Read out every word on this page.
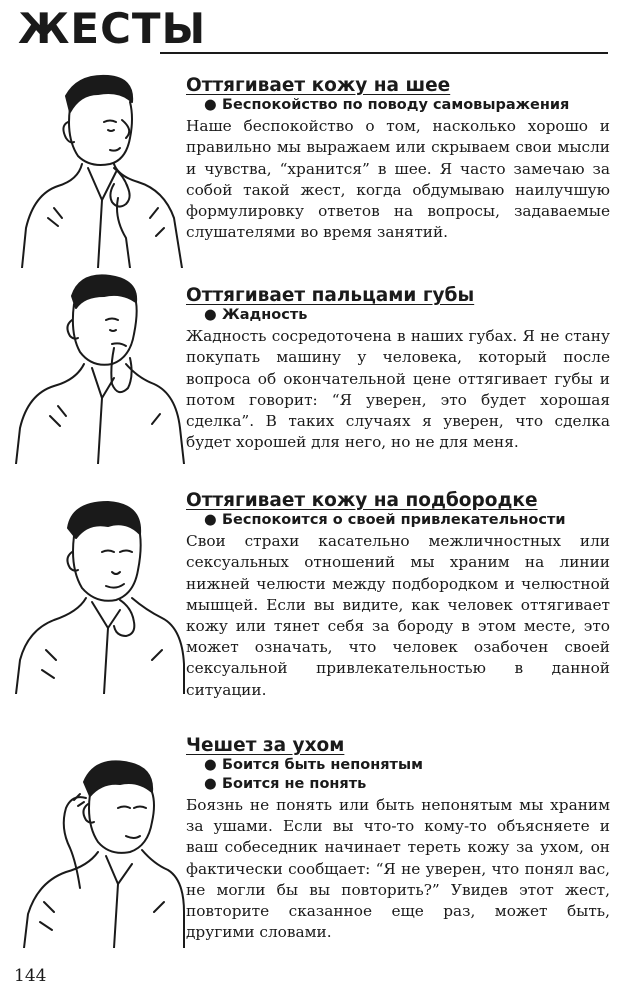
ЖЕСТЫ
Оттягивает кожу на шее
● Беспокойство по поводу самовыражения
Наше беспокойство о том, насколько хорошо и правильно мы выражаем или скрываем свои мысли и чувства, “хранится” в шее. Я часто замечаю за собой такой жест, когда обдумываю наилучшую формулировку ответов на вопросы, задаваемые слушателями во время занятий.
Оттягивает пальцами губы
● Жадность
Жадность сосредоточена в наших губах. Я не стану покупать машину у человека, который после вопроса об окончательной цене оттягивает губы и потом говорит: “Я уверен, это будет хорошая сделка”. В таких случаях я уверен, что сделка будет хорошей для него, но не для меня.
Оттягивает кожу на подбородке
● Беспокоится о своей привлекательности
Свои страхи касательно межличностных или сексуальных отношений мы храним на линии нижней челюсти между подбородком и челюстной мышцей. Если вы видите, как человек оттягивает кожу или тянет себя за бороду в этом месте, это может означать, что человек озабочен своей сексуальной привлекательностью в данной ситуации.
Чешет за ухом
● Боится быть непонятым
● Боится не понять
Боязнь не понять или быть непонятым мы храним за ушами. Если вы что-то кому-то объясняете и ваш собеседник начинает тереть кожу за ухом, он фактически сообщает: “Я не уверен, что понял вас, не могли бы вы повторить?” Увидев этот жест, повторите сказанное еще раз, может быть, другими словами.
144
